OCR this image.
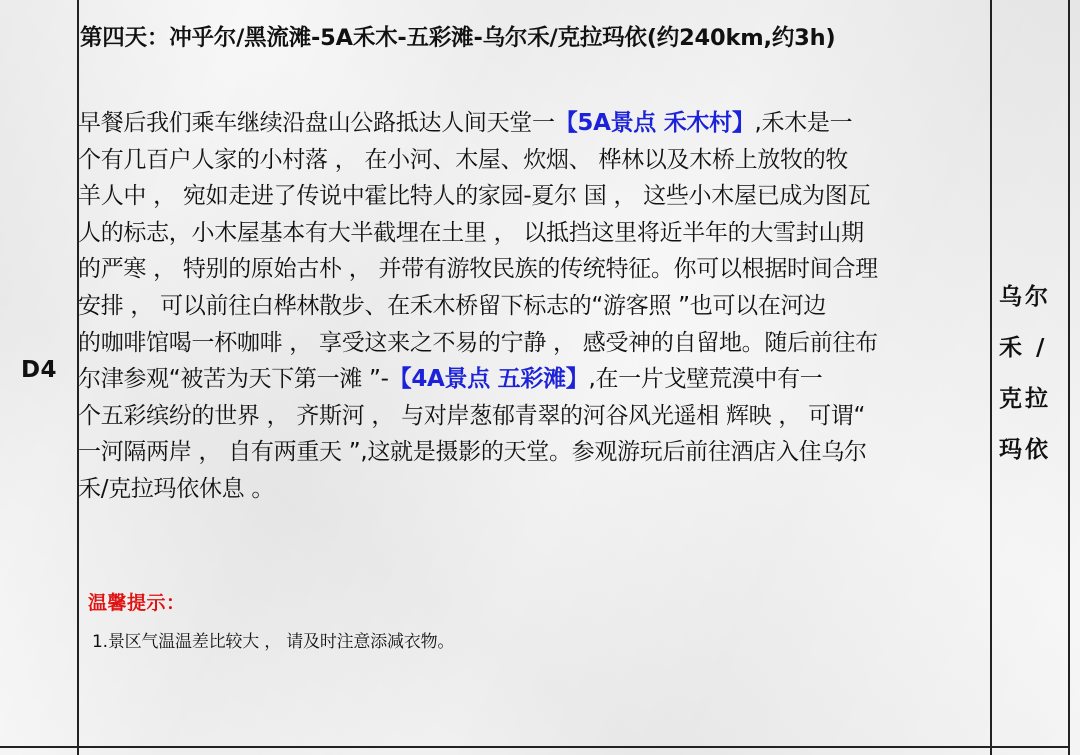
D4
第四天：冲乎尔/黑流滩-5A禾木-五彩滩-乌尔禾/克拉玛依(约240km,约3h)
早餐后我们乘车继续沿盘山公路抵达人间天堂一【5A景点 禾木村】,禾木是一
个有几百户人家的小村落 ， 在小河、木屋、炊烟、 桦林以及木桥上放牧的牧
羊人中 ， 宛如走进了传说中霍比特人的家园-夏尔 国 ， 这些小木屋已成为图瓦
人的标志，小木屋基本有大半截埋在土里 ， 以抵挡这里将近半年的大雪封山期
的严寒 ， 特别的原始古朴 ， 并带有游牧民族的传统特征。你可以根据时间合理
安排 ， 可以前往白桦林散步、在禾木桥留下标志的“游客照 ”也可以在河边
的咖啡馆喝一杯咖啡 ， 享受这来之不易的宁静 ， 感受神的自留地。随后前往布
尔津参观“被苦为天下第一滩 ”-【4A景点 五彩滩】,在一片戈壁荒漠中有一
个五彩缤纷的世界 ， 齐斯河 ， 与对岸葱郁青翠的河谷风光遥相 辉映 ， 可谓“
一河隔两岸 ， 自有两重天 ”,这就是摄影的天堂。参观游玩后前往酒店入住乌尔
禾/克拉玛依休息 。
温馨提示：
1.景区气温温差比较大 ， 请及时注意添减衣物。
乌尔禾 / 克拉玛依
